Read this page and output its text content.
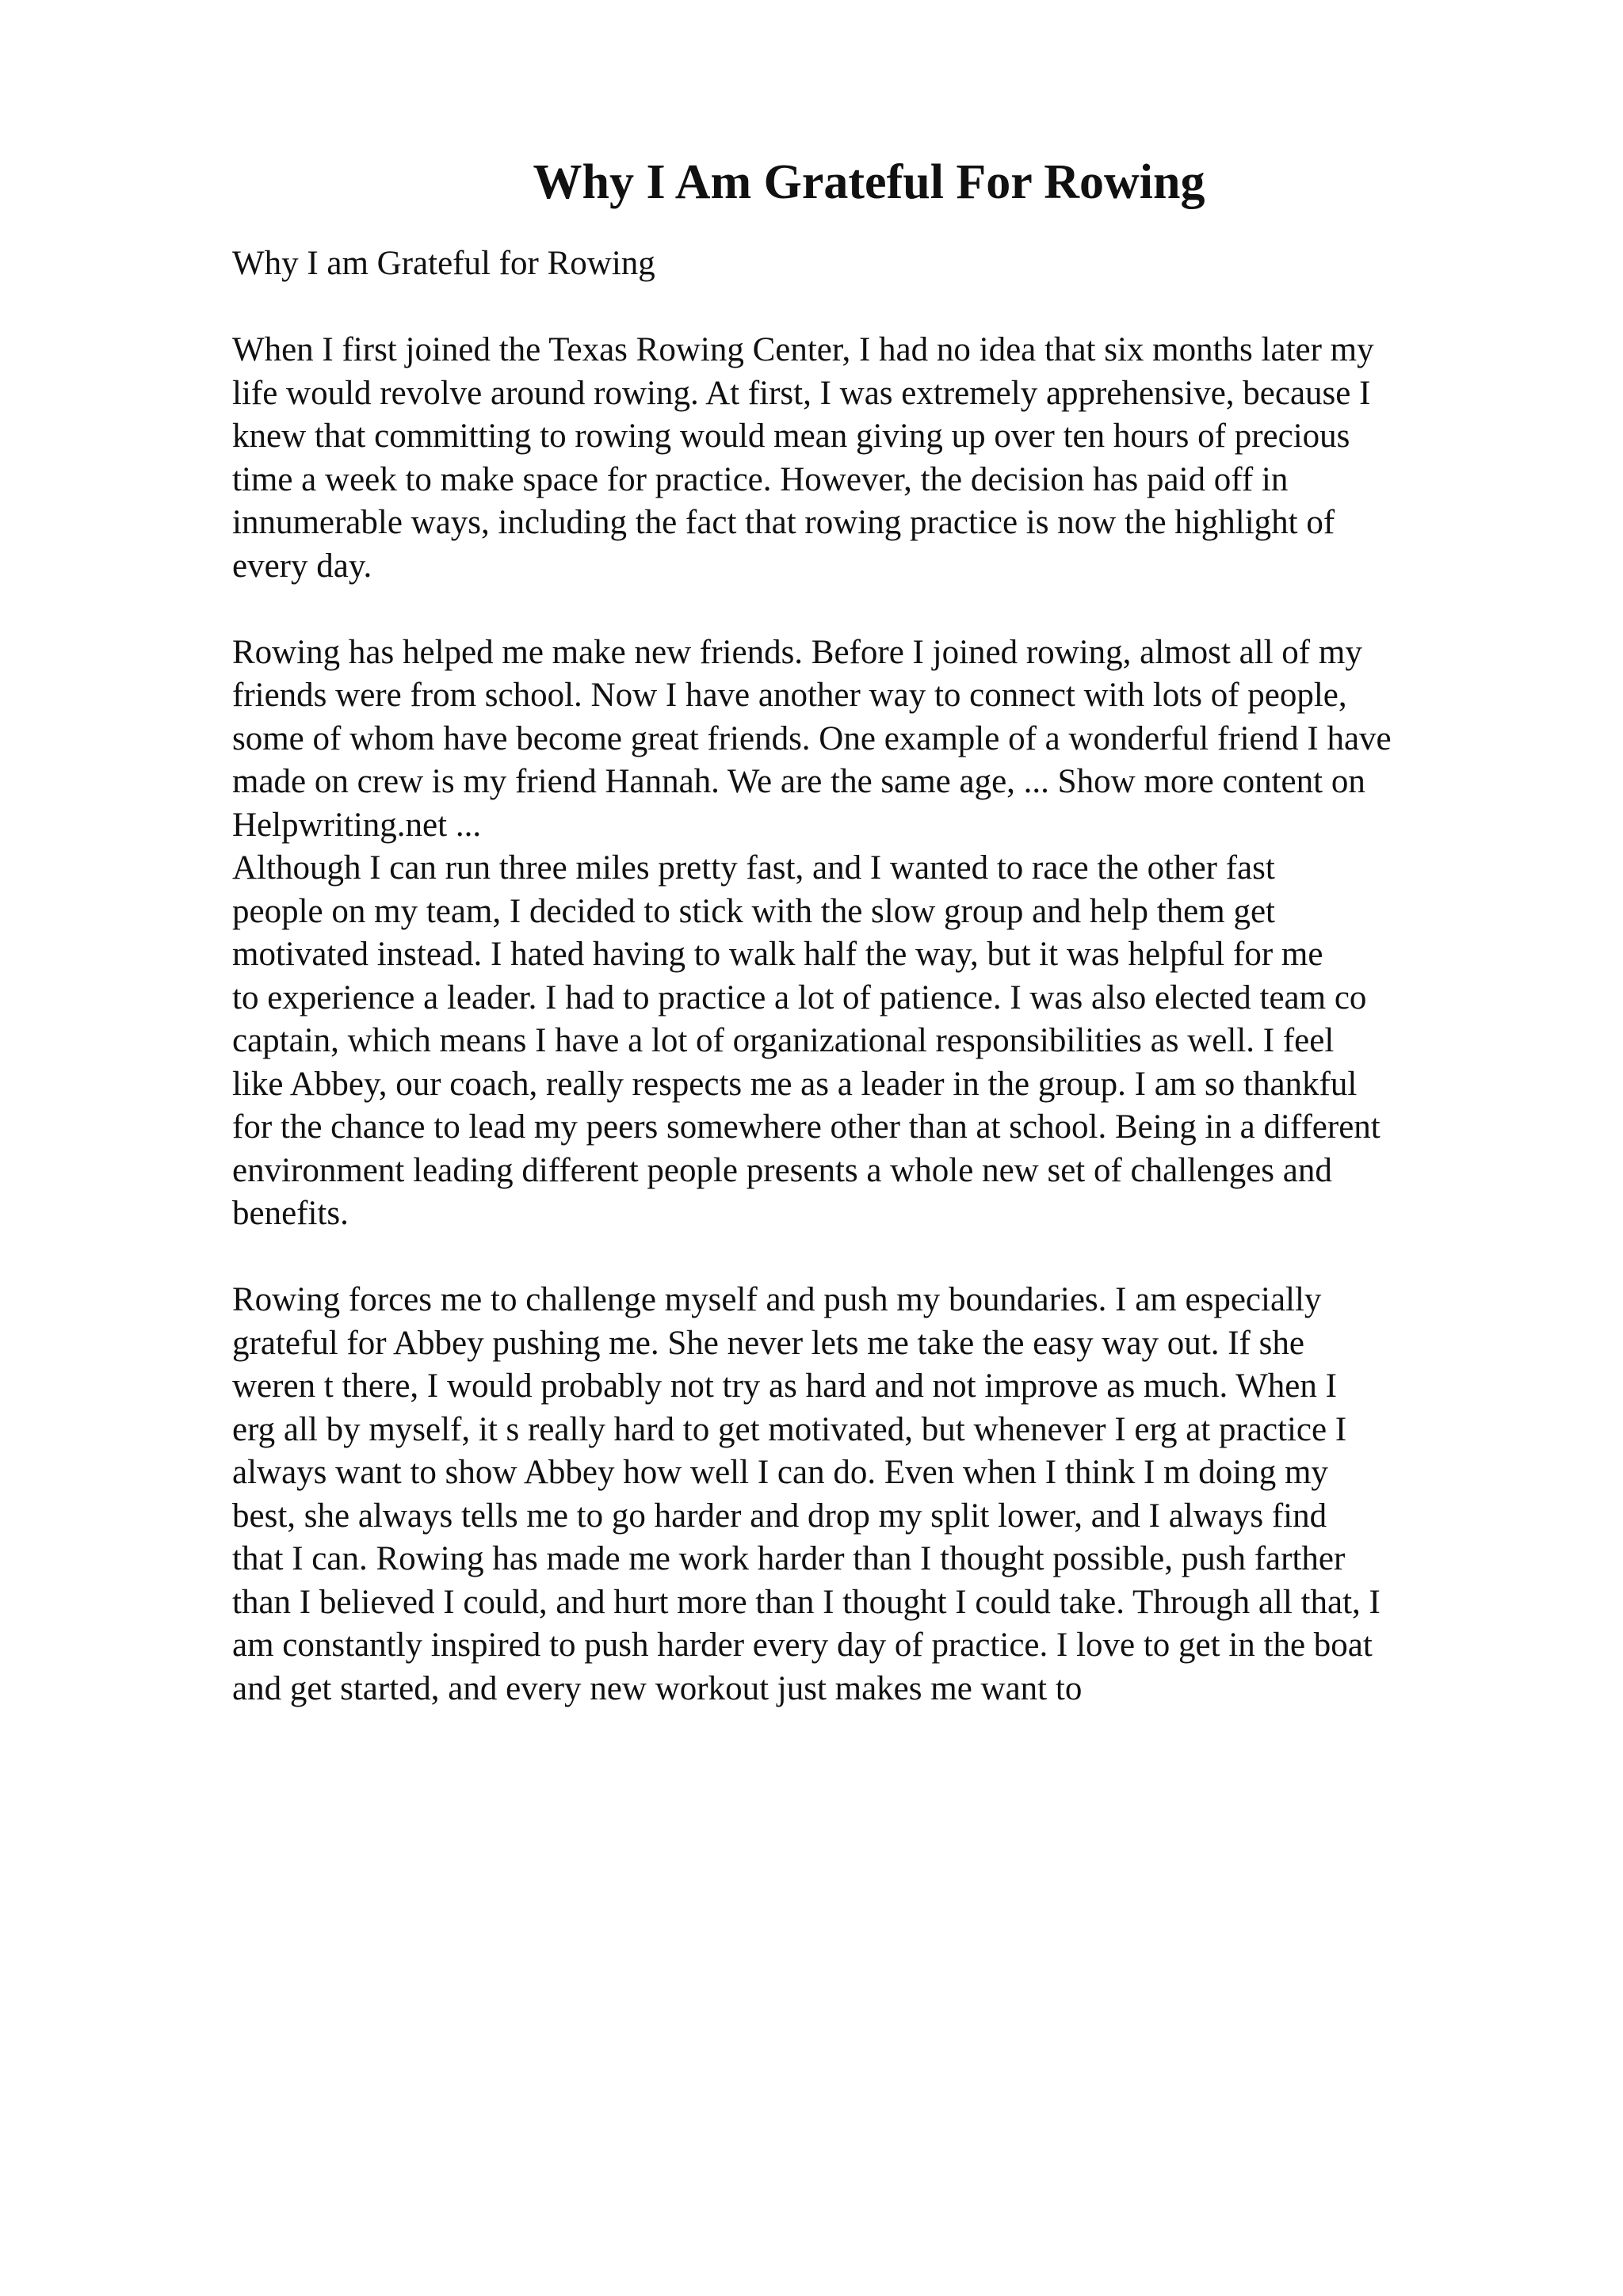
Why I Am Grateful For Rowing
Why I am Grateful for Rowing
When I first joined the Texas Rowing Center, I had no idea that six months later my
life would revolve around rowing. At first, I was extremely apprehensive, because I
knew that committing to rowing would mean giving up over ten hours of precious
time a week to make space for practice. However, the decision has paid off in
innumerable ways, including the fact that rowing practice is now the highlight of
every day.
Rowing has helped me make new friends. Before I joined rowing, almost all of my
friends were from school. Now I have another way to connect with lots of people,
some of whom have become great friends. One example of a wonderful friend I have
made on crew is my friend Hannah. We are the same age, ... Show more content on
Helpwriting.net ...
Although I can run three miles pretty fast, and I wanted to race the other fast
people on my team, I decided to stick with the slow group and help them get
motivated instead. I hated having to walk half the way, but it was helpful for me
to experience a leader. I had to practice a lot of patience. I was also elected team co
captain, which means I have a lot of organizational responsibilities as well. I feel
like Abbey, our coach, really respects me as a leader in the group. I am so thankful
for the chance to lead my peers somewhere other than at school. Being in a different
environment leading different people presents a whole new set of challenges and
benefits.
Rowing forces me to challenge myself and push my boundaries. I am especially
grateful for Abbey pushing me. She never lets me take the easy way out. If she
weren t there, I would probably not try as hard and not improve as much. When I
erg all by myself, it s really hard to get motivated, but whenever I erg at practice I
always want to show Abbey how well I can do. Even when I think I m doing my
best, she always tells me to go harder and drop my split lower, and I always find
that I can. Rowing has made me work harder than I thought possible, push farther
than I believed I could, and hurt more than I thought I could take. Through all that, I
am constantly inspired to push harder every day of practice. I love to get in the boat
and get started, and every new workout just makes me want to
